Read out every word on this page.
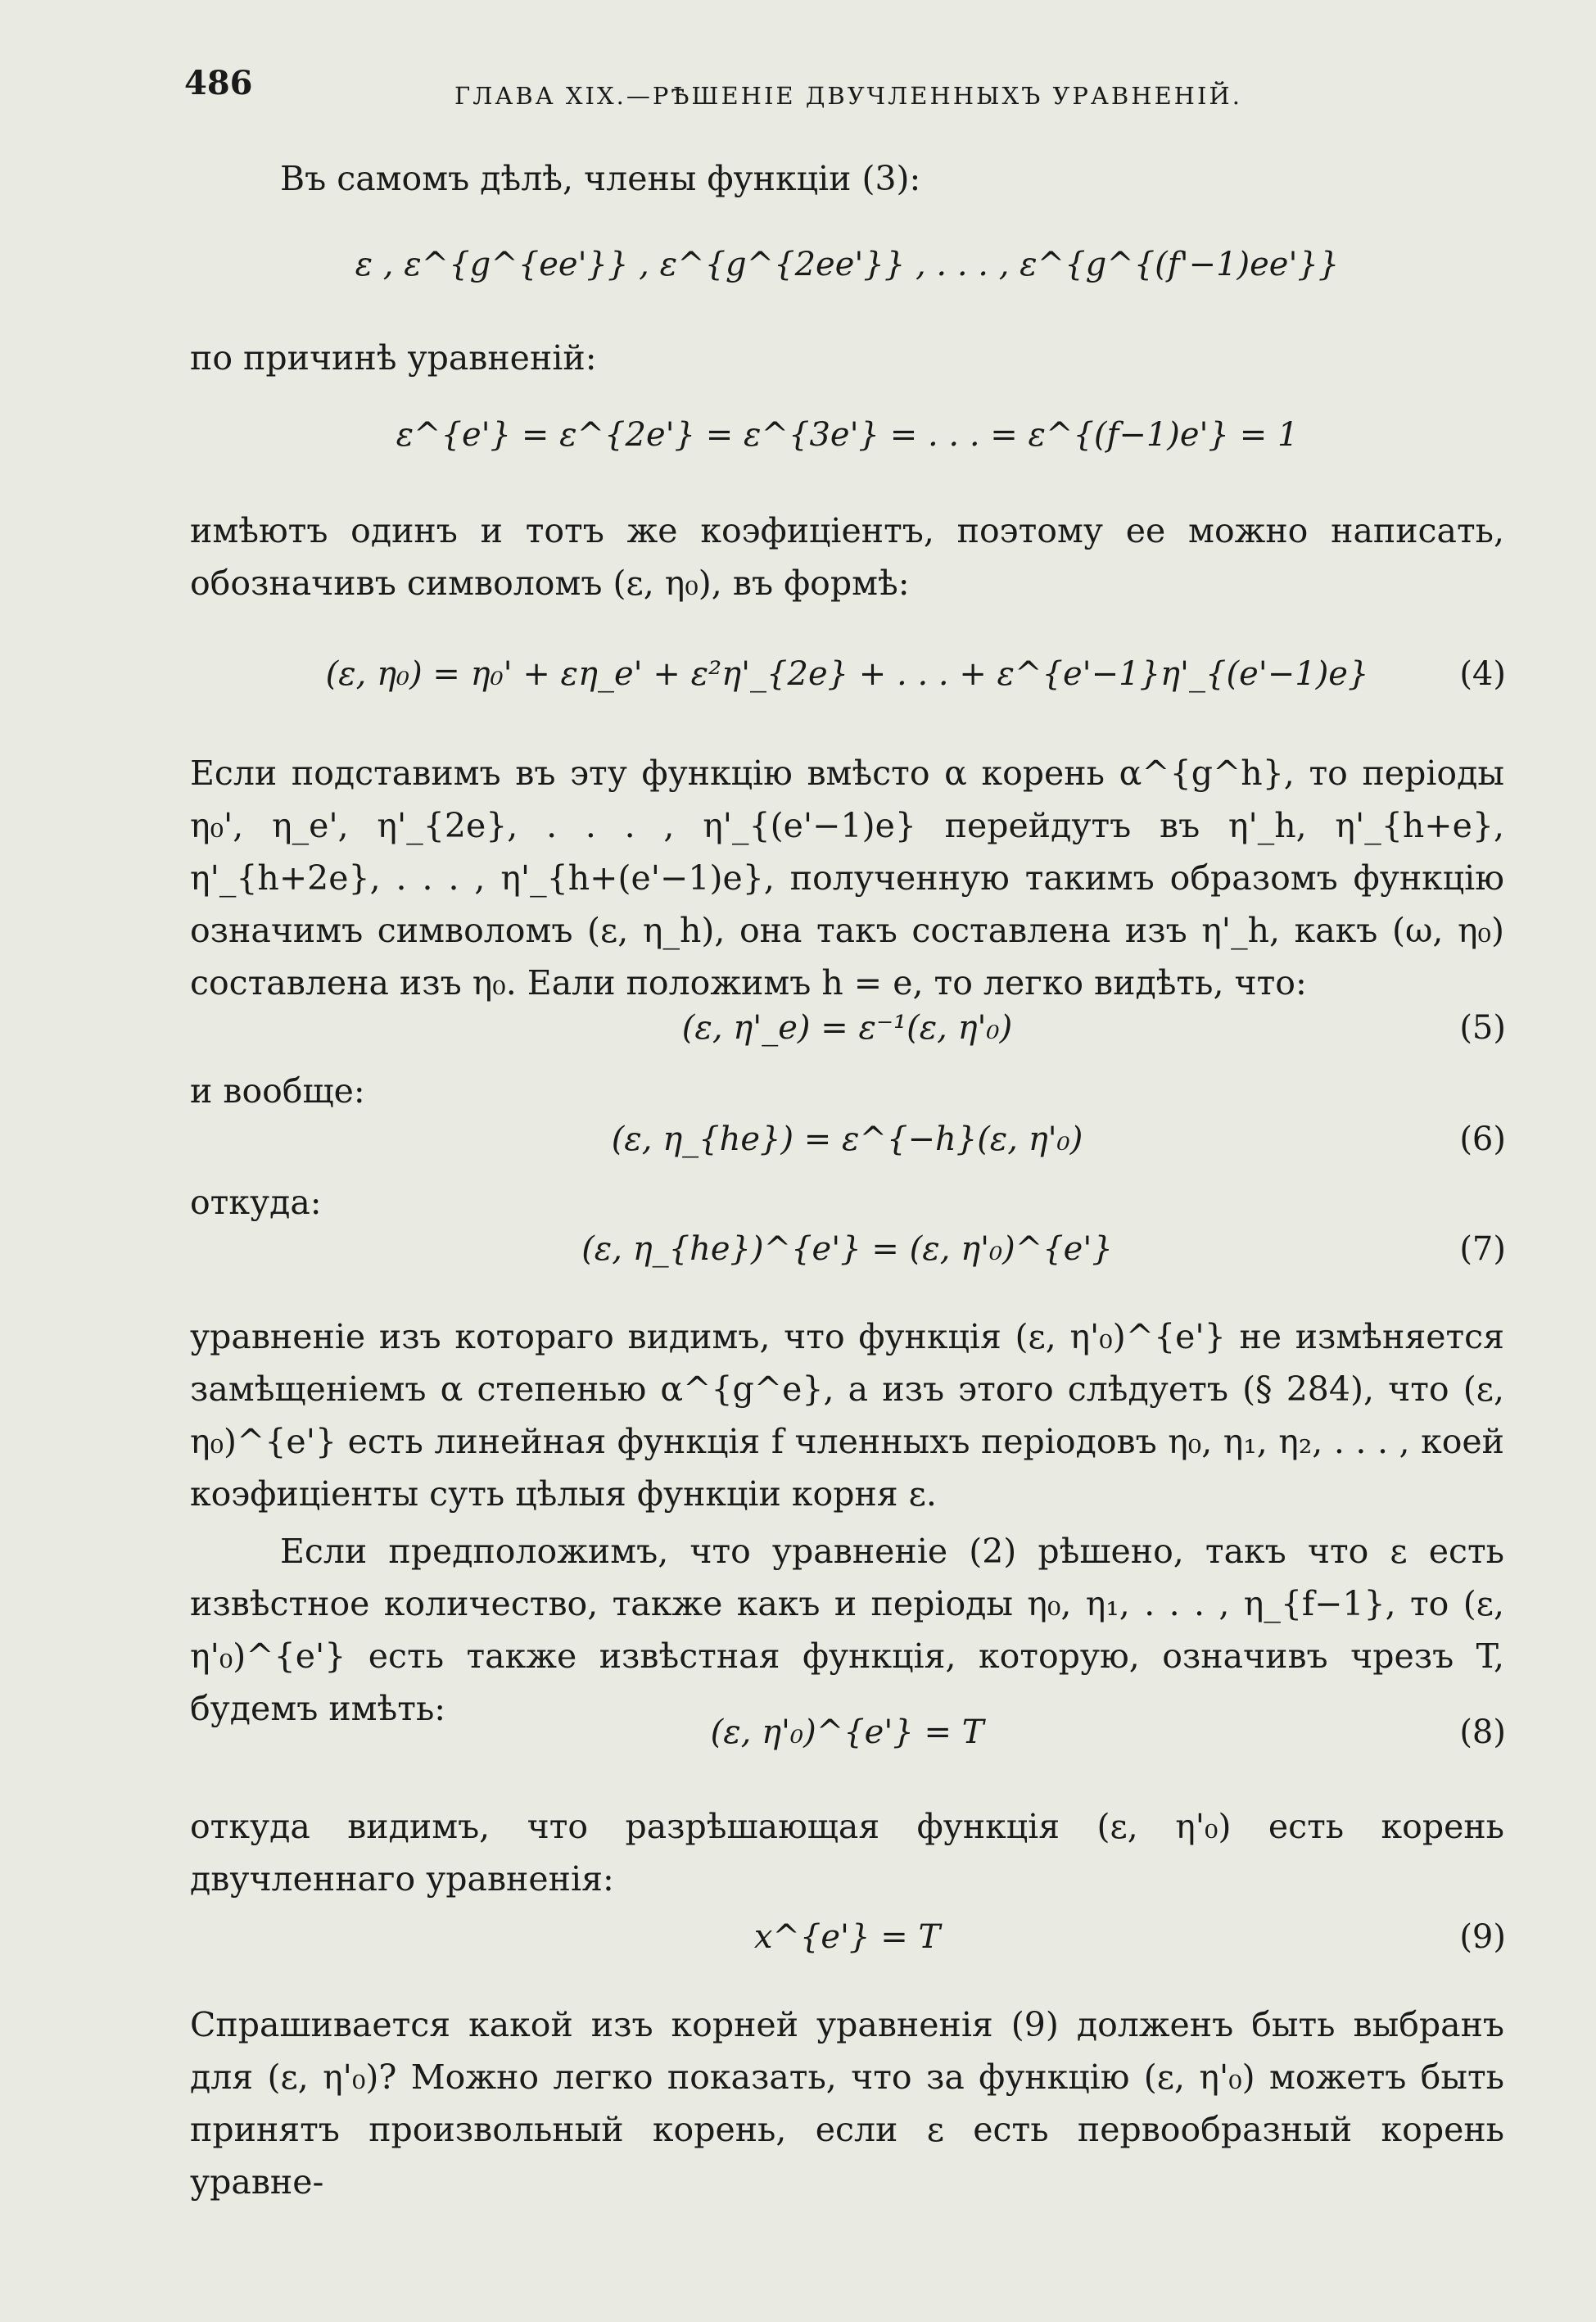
486	ГЛАВА XIX.—РѢШЕНІЕ ДВУЧЛЕННЫХЪ УРАВНЕНІЙ.
Въ самомъ дѣлѣ, члены функціи (3):
ε , ε^{g^{ee'}} , ε^{g^{2ee'}} , . . . , ε^{g^{(f'−1)ee'}}
по причинѣ уравненій:
ε^{e'} = ε^{2e'} = ε^{3e'} = . . . = ε^{(f−1)e'} = 1
имѣютъ одинъ и тотъ же коэфиціентъ, поэтому ее можно написать, обозначивъ символомъ (ε, η₀), въ формѣ:
(ε, η₀) = η₀' + εη_e' + ε²η'_{2e} + . . . + ε^{e'−1}η'_{(e'−1)e}	(4)
Если подставимъ въ эту функцію вмѣсто α корень α^{g^h}, то періоды η₀', η_e', η'_{2e}, . . . , η'_{(e'−1)e} перейдутъ въ η'_h, η'_{h+e}, η'_{h+2e}, . . . , η'_{h+(e'−1)e}, полученную такимъ образомъ функцію означимъ символомъ (ε, η_h), она такъ составлена изъ η'_h, какъ (ω, η₀) составлена изъ η₀. Еали положимъ h = e, то легко видѣть, что:
(ε, η'_e) = ε⁻¹(ε, η'₀)	(5)
и вообще:
(ε, η_{he}) = ε^{−h}(ε, η'₀)	(6)
откуда:
(ε, η_{he})^{e'} = (ε, η'₀)^{e'}	(7)
уравненіе изъ котораго видимъ, что функція (ε, η'₀)^{e'} не измѣняется замѣщеніемъ α степенью α^{g^e}, а изъ этого слѣдуетъ (§ 284), что (ε, η₀)^{e'} есть линейная функція f членныхъ періодовъ η₀, η₁, η₂, . . . , коей коэфиціенты суть цѣлыя функціи корня ε.
Если предположимъ, что уравненіе (2) рѣшено, такъ что ε есть извѣстное количество, также какъ и періоды η₀, η₁, . . . , η_{f−1}, то (ε, η'₀)^{e'} есть также извѣстная функція, которую, означивъ чрезъ T, будемъ имѣть:
(ε, η'₀)^{e'} = T	(8)
откуда видимъ, что разрѣшающая функція (ε, η'₀) есть корень двучленнаго уравненія:
x^{e'} = T	(9)
Спрашивается какой изъ корней уравненія (9) долженъ быть выбранъ для (ε, η'₀)? Можно легко показать, что за функцію (ε, η'₀) можетъ быть принятъ произвольный корень, если ε есть первообразный корень уравне-
